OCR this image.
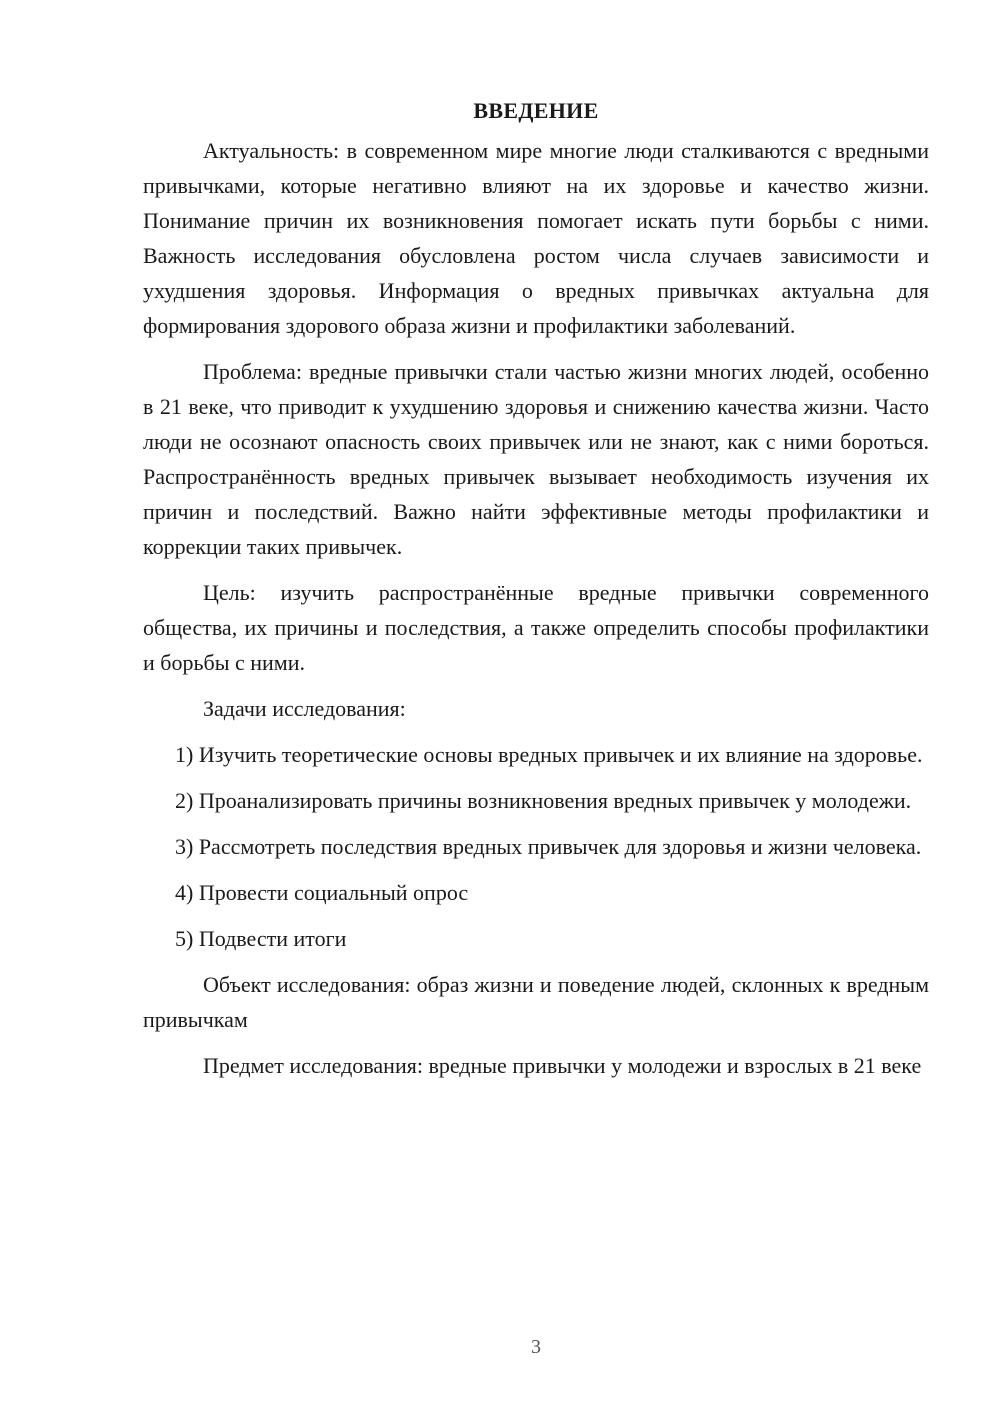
ВВЕДЕНИЕ

Актуальность: в современном мире многие люди сталкиваются с вредными привычками, которые негативно влияют на их здоровье и качество жизни. Понимание причин их возникновения помогает искать пути борьбы с ними. Важность исследования обусловлена ростом числа случаев зависимости и ухудшения здоровья. Информация о вредных привычках актуальна для формирования здорового образа жизни и профилактики заболеваний.

Проблема: вредные привычки стали частью жизни многих людей, особенно в 21 веке, что приводит к ухудшению здоровья и снижению качества жизни. Часто люди не осознают опасность своих привычек или не знают, как с ними бороться. Распространённость вредных привычек вызывает необходимость изучения их причин и последствий. Важно найти эффективные методы профилактики и коррекции таких привычек.

Цель: изучить распространённые вредные привычки современного общества, их причины и последствия, а также определить способы профилактики и борьбы с ними.

Задачи исследования:

1) Изучить теоретические основы вредных привычек и их влияние на здоровье.

2) Проанализировать причины возникновения вредных привычек у молодежи.

3) Рассмотреть последствия вредных привычек для здоровья и жизни человека.

4) Провести социальный опрос

5) Подвести итоги

Объект исследования: образ жизни и поведение людей, склонных к вредным привычкам

Предмет исследования: вредные привычки у молодежи и взрослых в 21 веке

3
